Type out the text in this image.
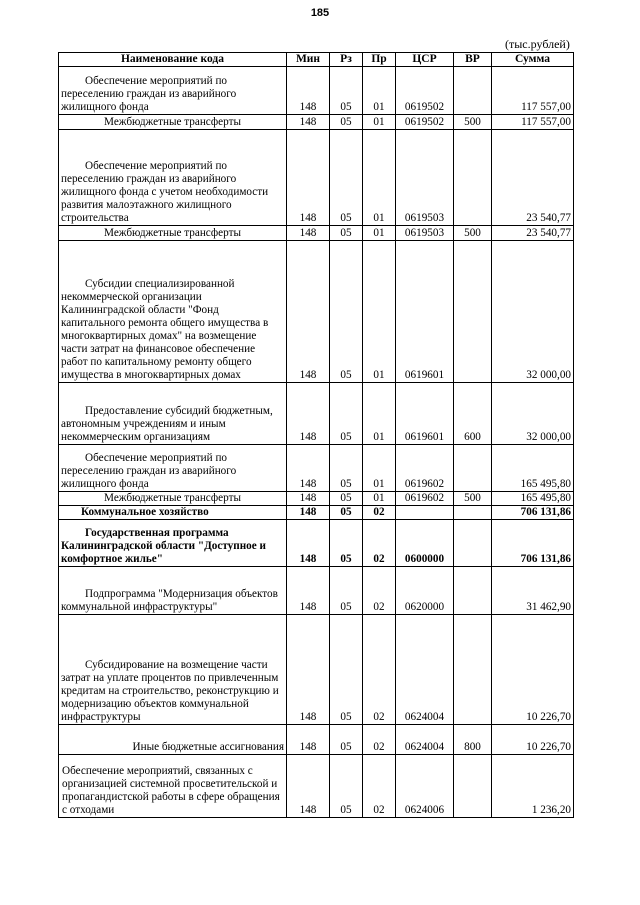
185
(тыс.рублей)
Наименование кода	Мин	Рз	Пр	ЦСР	ВР	Сумма
Обеспечение мероприятий по переселению граждан из аварийного жилищного фонда	148	05	01	0619502		117 557,00
Межбюджетные трансферты	148	05	01	0619502	500	117 557,00
Обеспечение мероприятий по переселению граждан из аварийного жилищного фонда с учетом необходимости развития малоэтажного жилищного строительства	148	05	01	0619503		23 540,77
Межбюджетные трансферты	148	05	01	0619503	500	23 540,77
Субсидии специализированной некоммерческой организации Калининградской области "Фонд капитального ремонта общего имущества в многоквартирных домах" на возмещение части затрат на финансовое обеспечение работ по капитальному ремонту общего имущества в многоквартирных домах	148	05	01	0619601		32 000,00
Предоставление субсидий бюджетным, автономным учреждениям и иным некоммерческим организациям	148	05	01	0619601	600	32 000,00
Обеспечение мероприятий по переселению граждан из аварийного жилищного фонда	148	05	01	0619602		165 495,80
Межбюджетные трансферты	148	05	01	0619602	500	165 495,80
Коммунальное хозяйство	148	05	02			706 131,86
Государственная программа Калининградской области "Доступное и комфортное жилье"	148	05	02	0600000		706 131,86
Подпрограмма "Модернизация объектов коммунальной инфраструктуры"	148	05	02	0620000		31 462,90
Субсидирование на возмещение части затрат на уплате процентов по привлеченным кредитам на строительство, реконструкцию и модернизацию объектов коммунальной инфраструктуры	148	05	02	0624004		10 226,70
Иные бюджетные ассигнования	148	05	02	0624004	800	10 226,70
Обеспечение мероприятий, связанных с организацией системной просветительской и пропагандистской работы в сфере обращения с отходами	148	05	02	0624006		1 236,20
